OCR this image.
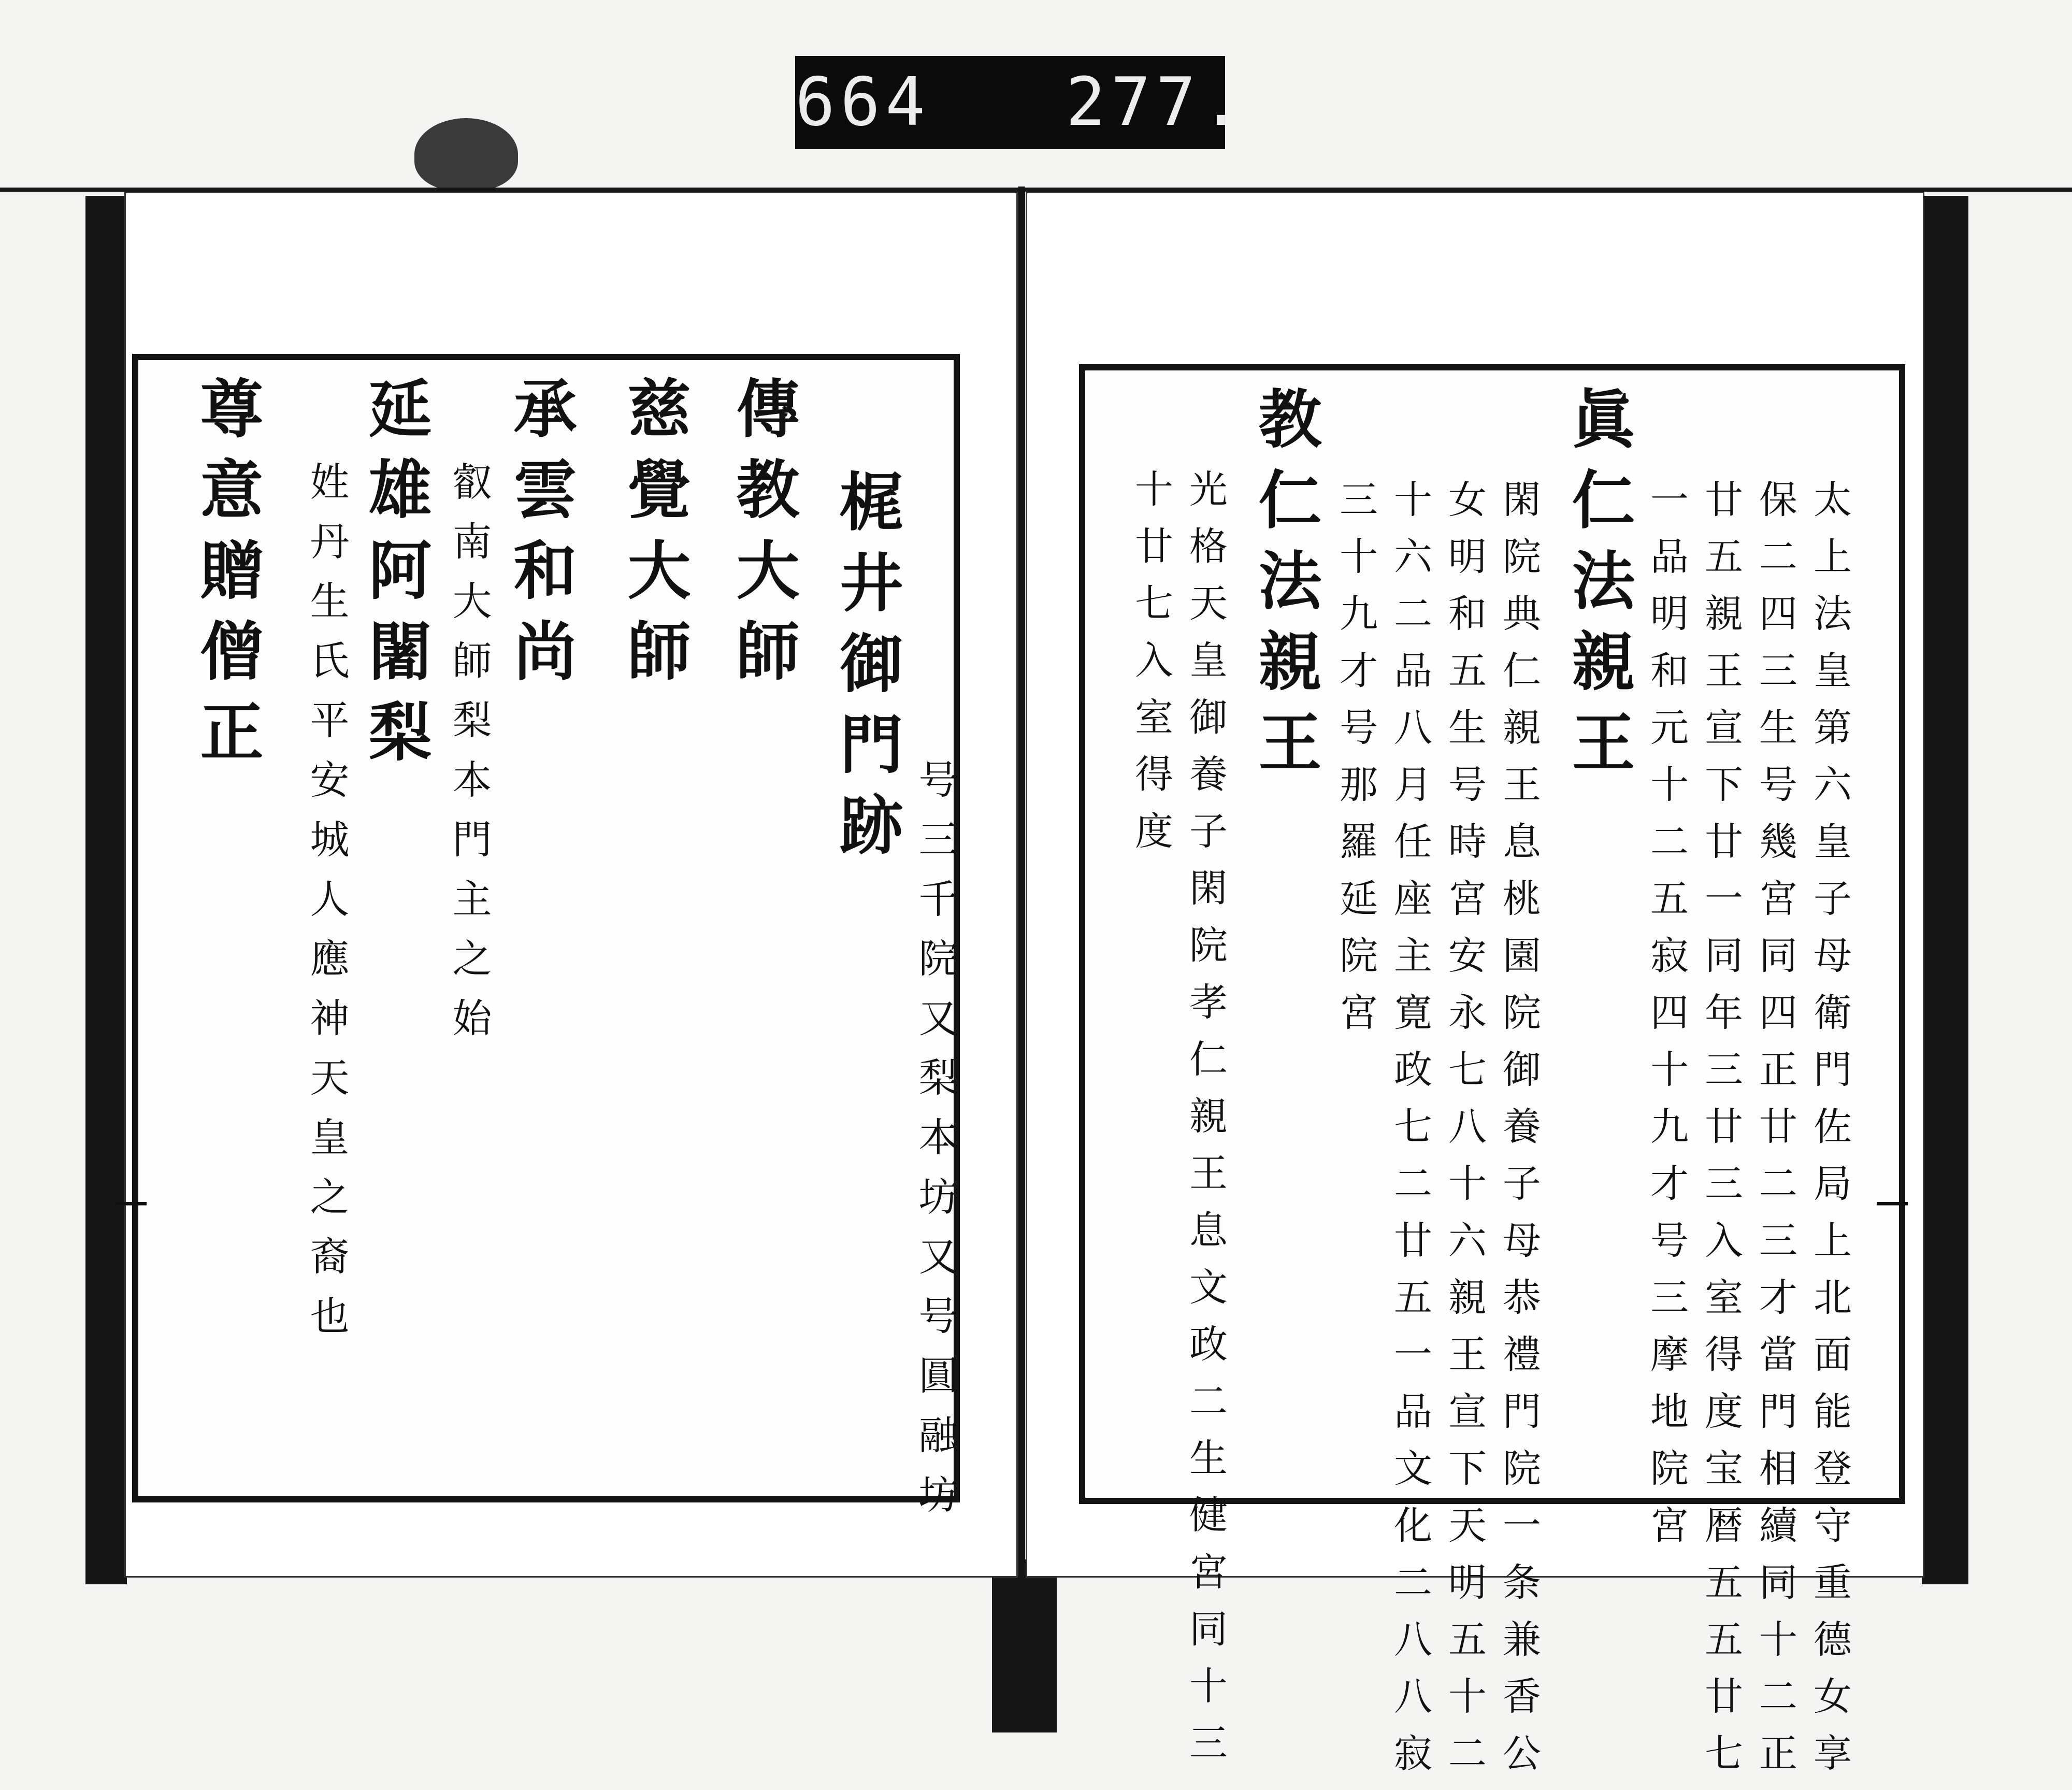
664 277.
号三千院又梨本坊又号圓融坊
梶井御門跡
傳教大師
慈覺大師
承雲和尚
叡南大師梨本門主之始
延雄阿闍梨
姓丹生氏平安城人應神天皇之裔也
尊意贈僧正
⎯	太上法皇第六皇子母衛門佐局上北面能登守重德女享
保二四三生号幾宮同四正廿二三才當門相續同十二正
廿五親王宣下廿一同年三廿三入室得度宝暦五五廿七
一品明和元十二五寂四十九才号三摩地院宮
眞仁法親王
閑院典仁親王息桃園院御養子母恭禮門院一条兼香公
女明和五生号時宮安永七八十六親王宣下天明五十二
十六二品八月任座主寛政七二廿五一品文化二八八寂
三十九才号那羅延院宮
教仁法親王
光格天皇御養子閑院孝仁親王息文政二生健宮同十三
十廿七入室得度
⎯
